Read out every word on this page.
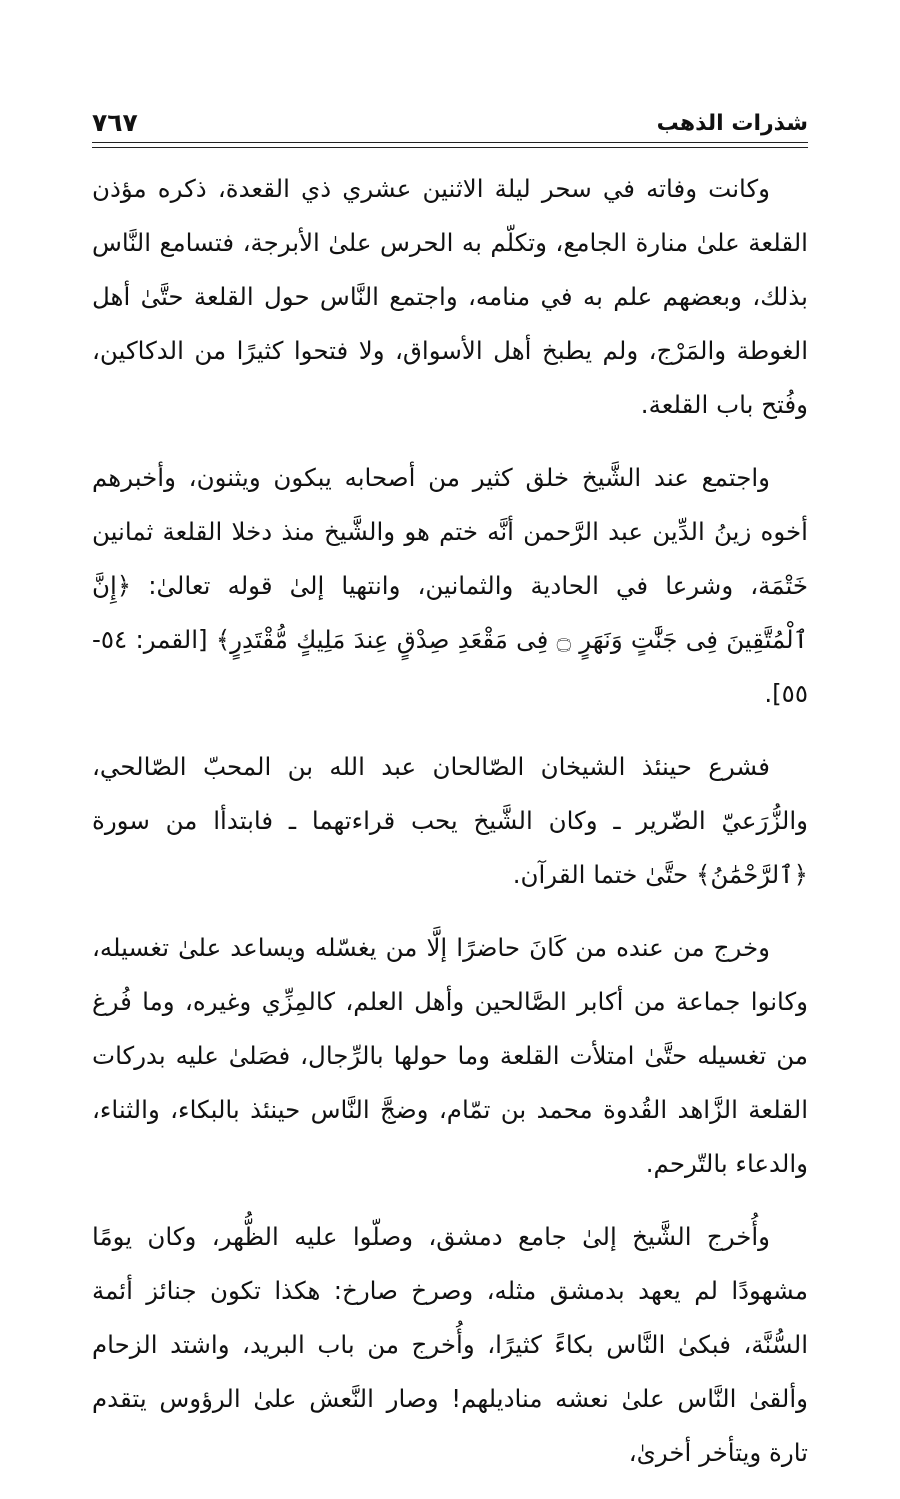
شذرات الذهب
٧٦٧

وكانت وفاته في سحر ليلة الاثنين عشري ذي القعدة، ذكره مؤذن القلعة علىٰ منارة الجامع، وتكلّم به الحرس علىٰ الأبرجة، فتسامع النَّاس بذلك، وبعضهم علم به في منامه، واجتمع النَّاس حول القلعة حتَّىٰ أهل الغوطة والمَرْج، ولم يطبخ أهل الأسواق، ولا فتحوا كثيرًا من الدكاكين، وفُتح باب القلعة.

واجتمع عند الشَّيخ خلق كثير من أصحابه يبكون ويثنون، وأخبرهم أخوه زينُ الدِّين عبد الرَّحمن أنَّه ختم هو والشَّيخ منذ دخلا القلعة ثمانين خَتْمَة، وشرعا في الحادية والثمانين، وانتهيا إلىٰ قوله تعالىٰ: ﴿إِنَّ ٱلْمُتَّقِينَ فِى جَنَّٰتٍ وَنَهَرٍ ۝ فِى مَقْعَدِ صِدْقٍ عِندَ مَلِيكٍ مُّقْتَدِرٍ﴾ [القمر: ٥٤- ٥٥].

فشرع حينئذ الشيخان الصّالحان عبد الله بن المحبّ الصّالحي، والزُّرَعيّ الضّرير ـ وكان الشَّيخ يحب قراءتهما ـ فابتدأا من سورة ﴿ٱلرَّحْمَٰنُ﴾ حتَّىٰ ختما القرآن.

وخرج من عنده من كَانَ حاضرًا إلَّا من يغسّله ويساعد علىٰ تغسيله، وكانوا جماعة من أكابر الصَّالحين وأهل العلم، كالمِزِّي وغيره، وما فُرغ من تغسيله حتَّىٰ امتلأت القلعة وما حولها بالرِّجال، فصَلىٰ عليه بدركات القلعة الزَّاهد القُدوة محمد بن تمّام، وضجَّ النَّاس حينئذ بالبكاء، والثناء، والدعاء بالتّرحم.

وأُخرج الشَّيخ إلىٰ جامع دمشق، وصلّوا عليه الظُّهر، وكان يومًا مشهودًا لم يعهد بدمشق مثله، وصرخ صارخ: هكذا تكون جنائز أئمة السُّنَّة، فبكىٰ النَّاس بكاءً كثيرًا، وأُخرج من باب البريد، واشتد الزحام وألقىٰ النَّاس علىٰ نعشه مناديلهم! وصار النَّعش علىٰ الرؤوس يتقدم تارة ويتأخر أخرىٰ،
